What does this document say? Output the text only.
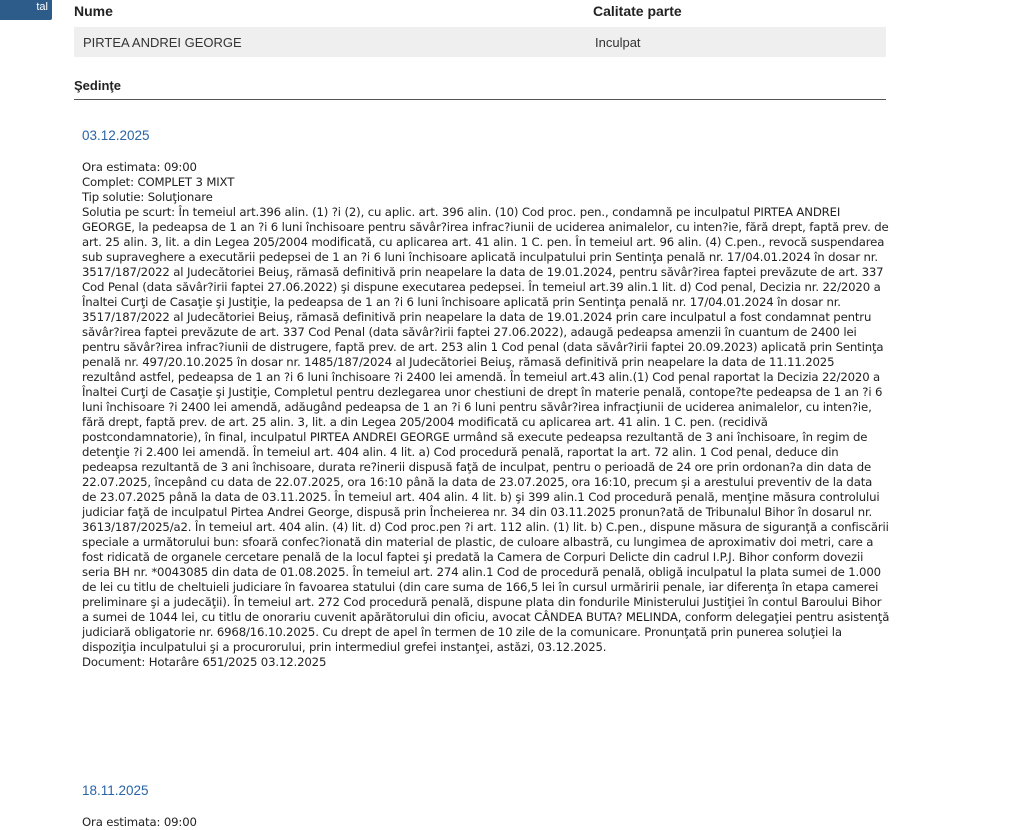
tal Nume	Calitate parte
PIRTEA ANDREI GEORGE	Inculpat
Şedinţe
03.12.2025
Ora estimata: 09:00
Complet: COMPLET 3 MIXT
Tip solutie: Soluţionare
Solutia pe scurt: În temeiul art.396 alin. (1) ?i (2), cu aplic. art. 396 alin. (10) Cod proc. pen., condamnă pe inculpatul PIRTEA ANDREI GEORGE, la pedeapsa de 1 an ?i 6 luni închisoare pentru săvâr?irea infrac?iunii de uciderea animalelor, cu inten?ie, fără drept, faptă prev. de art. 25 alin. 3, lit. a din Legea 205/2004 modificată, cu aplicarea art. 41 alin. 1 C. pen. În temeiul art. 96 alin. (4) C.pen., revocă suspendarea sub supraveghere a executării pedepsei de 1 an ?i 6 luni închisoare aplicată inculpatului prin Sentinţa penală nr. 17/04.01.2024 în dosar nr. 3517/187/2022 al Judecătoriei Beiuş, rămasă definitivă prin neapelare la data de 19.01.2024, pentru săvâr?irea faptei prevăzute de art. 337 Cod Penal (data săvâr?irii faptei 27.06.2022) şi dispune executarea pedepsei. În temeiul art.39 alin.1 lit. d) Cod penal, Decizia nr. 22/2020 a Înaltei Curţi de Casaţie şi Justiţie, la pedeapsa de 1 an ?i 6 luni închisoare aplicată prin Sentinţa penală nr. 17/04.01.2024 în dosar nr. 3517/187/2022 al Judecătoriei Beiuş, rămasă definitivă prin neapelare la data de 19.01.2024 prin care inculpatul a fost condamnat pentru săvâr?irea faptei prevăzute de art. 337 Cod Penal (data săvâr?irii faptei 27.06.2022), adaugă pedeapsa amenzii în cuantum de 2400 lei pentru săvâr?irea infrac?iunii de distrugere, faptă prev. de art. 253 alin 1 Cod penal (data săvâr?irii faptei 20.09.2023) aplicată prin Sentinţa penală nr. 497/20.10.2025 în dosar nr. 1485/187/2024 al Judecătoriei Beiuş, rămasă definitivă prin neapelare la data de 11.11.2025 rezultând astfel, pedeapsa de 1 an ?i 6 luni închisoare ?i 2400 lei amendă. În temeiul art.43 alin.(1) Cod penal raportat la Decizia 22/2020 a Înaltei Curţi de Casaţie şi Justiţie, Completul pentru dezlegarea unor chestiuni de drept în materie penală, contope?te pedeapsa de 1 an ?i 6 luni închisoare ?i 2400 lei amendă, adăugând pedeapsa de 1 an ?i 6 luni pentru săvâr?irea infracţiunii de uciderea animalelor, cu inten?ie, fără drept, faptă prev. de art. 25 alin. 3, lit. a din Legea 205/2004 modificată cu aplicarea art. 41 alin. 1 C. pen. (recidivă postcondamnatorie), în final, inculpatul PIRTEA ANDREI GEORGE urmând să execute pedeapsa rezultantă de 3 ani închisoare, în regim de detenţie ?i 2.400 lei amendă. În temeiul art. 404 alin. 4 lit. a) Cod procedură penală, raportat la art. 72 alin. 1 Cod penal, deduce din pedeapsa rezultantă de 3 ani închisoare, durata re?inerii dispusă faţă de inculpat, pentru o perioadă de 24 ore prin ordonan?a din data de 22.07.2025, începând cu data de 22.07.2025, ora 16:10 până la data de 23.07.2025, ora 16:10, precum şi a arestului preventiv de la data de 23.07.2025 până la data de 03.11.2025. În temeiul art. 404 alin. 4 lit. b) şi 399 alin.1 Cod procedură penală, menţine măsura controlului judiciar faţă de inculpatul Pirtea Andrei George, dispusă prin Încheierea nr. 34 din 03.11.2025 pronun?ată de Tribunalul Bihor în dosarul nr. 3613/187/2025/a2. În temeiul art. 404 alin. (4) lit. d) Cod proc.pen ?i art. 112 alin. (1) lit. b) C.pen., dispune măsura de siguranţă a confiscării speciale a următorului bun: sfoară confec?ionată din material de plastic, de culoare albastră, cu lungimea de aproximativ doi metri, care a fost ridicată de organele cercetare penală de la locul faptei şi predată la Camera de Corpuri Delicte din cadrul I.P.J. Bihor conform dovezii seria BH nr. *0043085 din data de 01.08.2025. În temeiul art. 274 alin.1 Cod de procedură penală, obligă inculpatul la plata sumei de 1.000 de lei cu titlu de cheltuieli judiciare în favoarea statului (din care suma de 166,5 lei în cursul urmăririi penale, iar diferenţa în etapa camerei preliminare şi a judecăţii). În temeiul art. 272 Cod procedură penală, dispune plata din fondurile Ministerului Justiţiei în contul Baroului Bihor a sumei de 1044 lei, cu titlu de onorariu cuvenit apărătorului din oficiu, avocat CÂNDEA BUTA? MELINDA, conform delegaţiei pentru asistenţă judiciară obligatorie nr. 6968/16.10.2025. Cu drept de apel în termen de 10 zile de la comunicare. Pronunţată prin punerea soluţiei la dispoziţia inculpatului şi a procurorului, prin intermediul grefei instanţei, astăzi, 03.12.2025.
Document: Hotarâre 651/2025 03.12.2025
18.11.2025
Ora estimata: 09:00
